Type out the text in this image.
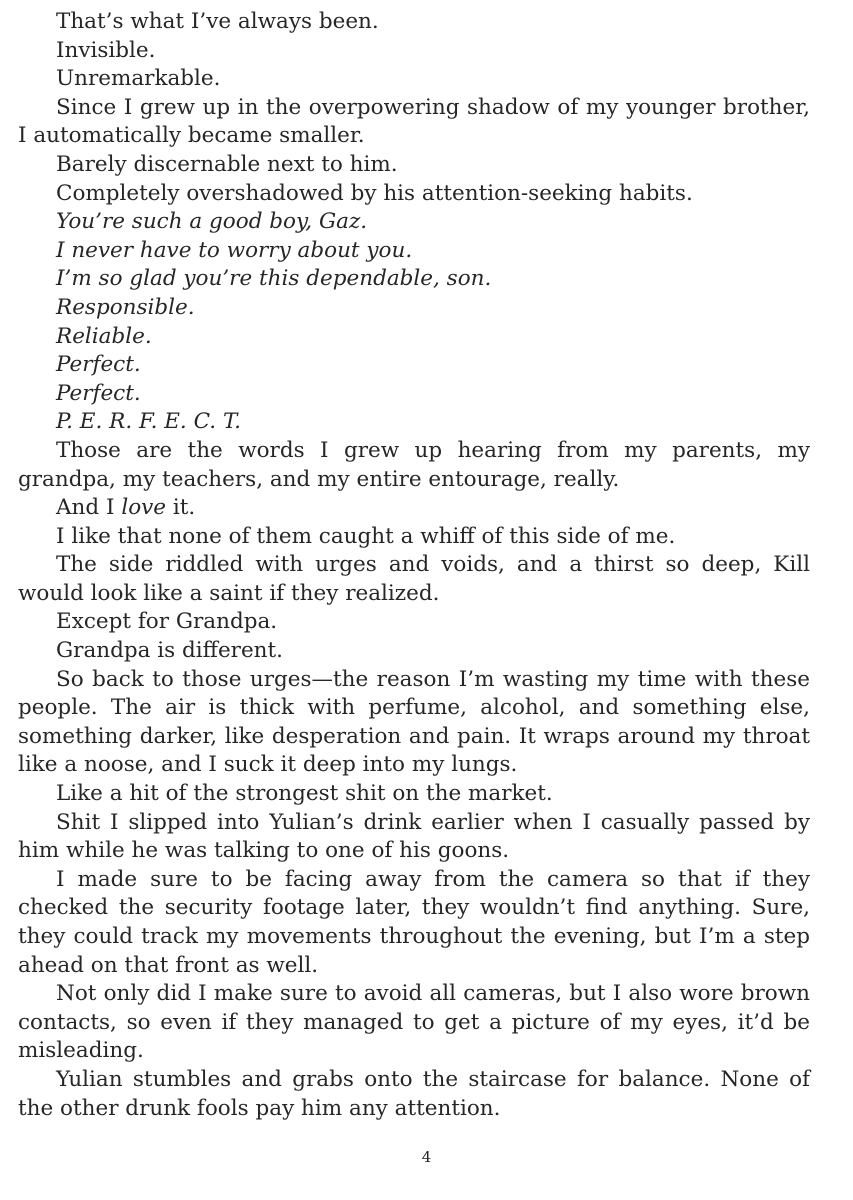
That’s what I’ve always been.

Invisible.

Unremarkable.

Since I grew up in the overpowering shadow of my younger brother, I automatically became smaller.

Barely discernable next to him.

Completely overshadowed by his attention-seeking habits.

You’re such a good boy, Gaz.

I never have to worry about you.

I’m so glad you’re this dependable, son.

Responsible.

Reliable.

Perfect.

Perfect.

P. E. R. F. E. C. T.

Those are the words I grew up hearing from my parents, my grandpa, my teachers, and my entire entourage, really.

And I love it.

I like that none of them caught a whiff of this side of me.

The side riddled with urges and voids, and a thirst so deep, Kill would look like a saint if they realized.

Except for Grandpa.

Grandpa is different.

So back to those urges—the reason I’m wasting my time with these people. The air is thick with perfume, alcohol, and something else, something darker, like desperation and pain. It wraps around my throat like a noose, and I suck it deep into my lungs.

Like a hit of the strongest shit on the market.

Shit I slipped into Yulian’s drink earlier when I casually passed by him while he was talking to one of his goons.

I made sure to be facing away from the camera so that if they checked the security footage later, they wouldn’t find anything. Sure, they could track my movements throughout the evening, but I’m a step ahead on that front as well.

Not only did I make sure to avoid all cameras, but I also wore brown contacts, so even if they managed to get a picture of my eyes, it’d be misleading.

Yulian stumbles and grabs onto the staircase for balance. None of the other drunk fools pay him any attention.

4
